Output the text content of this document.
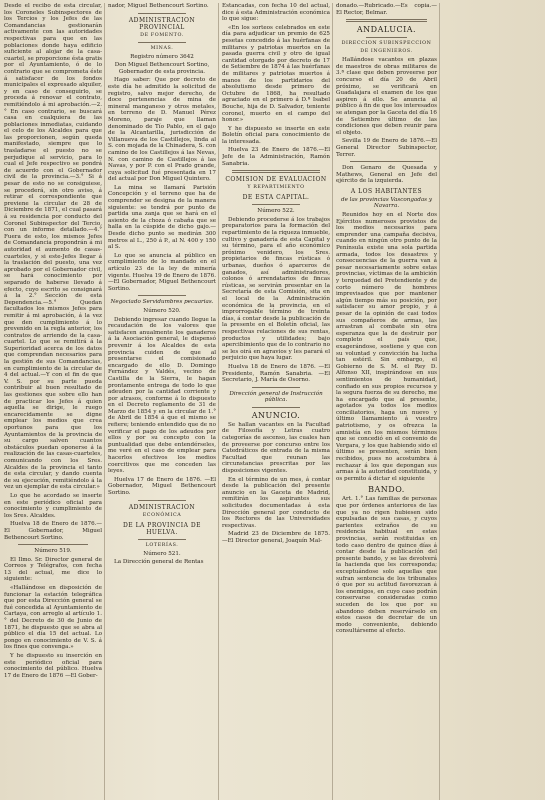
Desde el recibo de esta circular, los Coroneles Subinspectores de los Tercios y los Jefes de las Comandancias gestionarán activamente con las autoridades respectivas para que en las poblaciones donde haya edificio suficiente al alojar de la casa-cuartel, se proporcione ésta gratis por el Ayuntamiento, ó de lo contrario que se comprometa éste á satisfacer de los fondos municipales el expresado alquiler, y en caso de conseguirlo, se proceda á renovar el contrato, remitiéndolo á mi aprobación.—2.° En caso contrario, se buscará casa en cualquiera de las poblaciones inmediatas, cuidando el celo de los Alcaldes para que las proporcionen, según queda manifestado, siempre que lo trasladarse el puesto no se perjudique al servicio, para lo cual el Jefe respectivo se pondrá de acuerdo con el Gobernador civil de la provincia.—3.° Si á pesar de esto no se consiguiese, se procederá, sin otro aviso, á retirar el correspondiente que previene la circular de 28 de Diciembre de 1871, el cual pasará á su residencia por conducto del Coronel Subinspector del Tercio, con un informe detallado.—4.° Fuera de esto, los mismos Jefes de Comandancia propondrán á mi autoridad el aumento de casas-cuarteles, y si este-Jefes llegar á la traslación del puesto, una vez aprobado por el Gobernador civil, se hará conocimiento por separado de haberse llevado á efecto, cuyo escrito se consignará á la 2.° Sección de esta Dependencia.—5.° Quedan facultados los mismos Jefes para remitir á mi aprobación, á la vez que den cumplimiento á lo prevenido en la regla anterior, los contratos de arriendo de la casa-cuartel. Lo que se remitirá á la Superioridad acerca de los datos que comprendan necesarios para la gestión de sus Comandancias, en cumplimiento de la circular de 4 del actual.—Y con el fin de que V. S. por su parte pueda contribuir al buen resultado de las gestiones que sobre ello han de practicar los Jefes á quien aquella se dirige, le ruego encarecidamente se digne emplear los medios que crea oportunos para que los Ayuntamientos de la provincia de su cargo salven cuantos obstáculos puedan oponerse á la realización de las casas-cuarteles, comunicando con los Sres. Alcaldes de la provincia el tanto de esta circular, y dando cuenta de su ejecución, remitiéndolo á la vez un ejemplar de esta circular.»

Lo que he acordado se inserte en este periódico oficial para conocimiento y cumplimiento de los Sres. Alcaldes.

Huelva 18 de Enero de 1876.—El Gobernador, Miguel Bethencourt Sortino.

Número 519.

El Ilmo. Sr. Director general de Correos y Telégrafos, con fecha 13 del actual, me dice lo siguiente:

«Hallándose en disposición de funcionar la estación telegráfica que por esta Dirección general se fué concedida al Ayuntamiento de Cartaya, con arreglo al artículo 1.° del Decreto de 30 de Junio de 1871, he dispuesto que se abra al público el día 15 del actual. Lo pongo en conocimiento de V. S. á los fines que convenga.»

Y he dispuesto su inserción en este periódico oficial para conocimiento del público. Huelva 17 de Enero de 1876 —El Gober-

nador, Miguel Bethencourt Sortino.

ADMINISTRACION PROVINCIAL
DE FOMENTO.
MINAS.

Registro número 3642

Don Miguel Bethencourt Sortino, Gobernador de esta provincia.

Hago saber: Que por decreto de este día he admitido la solicitud de registro, salvo mejor derecho, de doce pertenencias de mina de mineral manganeso y otros metales, en terreno de D. Manuel Pérez Moreno, paraje que llaman denominado de Tío Pablo, en el gajo de la Alcantarilla, jurisdicción de Villanueva de los Castillejos, linda al S. con mojada de la Chinadera, S. con camino de los Castillejos á las Nevas, N. con camino de Castillejos á las Navas, y por P. con el Prado grande, cuya solicitud fué presentada en 17 del actual por Don Miguel Quintero.

La mina se llamará Parisión Concepción y el terreno que ha de comprender se designa de la manera siguiente: se tendrá por punto de partida una zanja que se hará en el asiento de la choza ó cabaña que se halla en la cúspide de dicho gajo.—Desde dicho punto se medirán 300 metros al L., 250 á P., al N. 400 y 150 al S.

Lo que se anuncia al público en cumplimiento de lo mandado en el artículo 23 de la ley de minería vigente. Huelva 19 de Enero de 1876.—El Gobernador, Miguel Bethencourt Sortino.

Negociado Servidumbres pecuarias.

Número 520.

Debiendo ingresar cuando llegue la recaudación de los valores que satisfacen anualmente los ganaderos á la Asociación general, le dispensó prevenir á los Alcaldes de esta provincia cuiden de que al presentarse el comisionado encargado de ello D. Domingo Fernández y Valdés, vecino de Castilla de la Sierra, le hagan prontamente entrega de todo lo que adeuden por la cantidad corriente y por atrasos, conforme á lo dispuesto en el Decreto reglamento de 31 de Marzo de 1854 y en la circular de 1.° de Abril de 1854 á que el mismo se refiere; teniendo entendido que de no verificar el pago de los adeudos por ellos y por su concepto con la puntualidad que debe entendérseles, me veré en el caso de emplear para hacerlos efectivos los medios coercitivos que me conceden las leyes.

Huelva 17 de Enero de 1876. —El Gobernador, Miguel Bethencourt Sortino.

ADMINISTRACION
ECONÓMICA
DE LA PROVINCIA DE HUELVA.
LOTERÍAS.

Número 521.

La Dirección general de Rentas

Estancadas, con fecha 10 del actual, dice á esta Administración económica lo que sigue:

«En los sorteos celebrados en este día para adjudicar un premio de 625 pesetas concedido á las huérfanas de militares y patriotas muertos en la pasada guerra civil y otro de igual cantidad otorgado por decreto de 17 de Setiembre de 1874 á las huérfanas de militares y patriotas muertos á manos de los partidarios del absolutismo desde primero de Octubre de 1868, ha resultado agraciado en el primero á D.ª Isabel Bouche, hija de D. Salvador, teniente coronel, muerto en el campo del honor.»

Y he dispuesto se inserte en este Boletín oficial para conocimiento de la interesada.

Huelva 23 de Enero de 1876.—El Jefe de la Administración, Ramón Sanabria.

COMISION DE EVALUACION
Y REPARTIMIENTO
DE ESTA CAPITAL.

Número 522.

Debiendo procederse á los trabajos preparatorios para la formación del repartimiento de la riqueza inmueble, cultivo y ganadería de esta Capital y su término, para el año económico próximo venidero, los Sres. propietarios de fincas rústicas ó urbanas, dueños ó aparceros de ganados, así administradores, colonos ó arrendatarios de fincas rústicas, se servirán presentar en la Secretaría de esta Comisión, sita en el local de la Administración económica de la provincia, en el improrrogable término de treinta días, á contar desde la publicación de la presente en el Boletín oficial, las respectivas relaciones de sus rentas, productos y utilidades; bajo apercibimiento que de lo contrario no se les oirá en agravios y les parará el perjuicio que haya lugar.

Huelva 18 de Enero de 1876. —El Presidente, Ramón Sanabria. —El Secretario, J. María de Osorno.

Dirección general de Instrucción pública.
ANUNCIO.

Se hallan vacantes en la Facultad de Filosofía y Letras cuatro categorías de ascenso, las cuales han de proveerse por concurso entre los Catedráticos de entrada de la misma Facultad que reunan las circunstancias prescritas por las disposiciones vigentes.

En el término de un mes, á contar desde la publicación del presente anuncio en la Gaceta de Madrid, remitirán los aspirantes sus solicitudes documentadas á esta Dirección general por conducto de los Rectores de las Universidades respectivas.

Madrid 23 de Diciembre de 1875. —El Director general, Joaquín Mal-

donado.—Rubricado.—Es copia.—El Rector, Belmar.

ANDALUCIA.
DIRECCION SUBINSPECCION
DE INGENIEROS.

Hallándose vacantes en plazas de maestros de obras militares de 3.ª clase que deben proveerse por concurso el día 20 de Abril próximo, se verificará en Guadalajara el examen de los que aspiren á ello. Se anuncia al público á fin de que los interesados se atengan por la Gaceta del día 16 de Setiembre último de las condiciones que deben reunir para el objeto.

Sevilla 19 de Enero de 1876.—El General Director Subinspector, Terrer.

Don Genaro de Quesada y Mathews, General en Jefe del ejército de la izquierda.

A LOS HABITANTES
de las provincias Vascongadas y Navarra.

Reunidos hoy en el Norte dos Ejércitos numerosos provistos de los medios necesarios para emprender una campaña decisiva, cuando en ningún otro punto de la Península existe una sola partida armada, todos los desastres y consecuencias de la guerra van á pesar necesariamente sobre estas provincias, víctimas de la ambición y terquedad del Pretendiente y de corto número de hombres imprevisados que por mantener algún tiempo más su posición, por satisfacer su amor propio, y á pesar de la opinión de casi todos sus compañeros de armas, las arrastran al combate sin otra esperanza que la de destruir por completo el país que, exagerándose, sostiene y que con su voluntad y convicción ha lucha tan estéril. Sin embargo, el Gobierno de S. M. el Rey D. Alfonso XII, inspirándose en sus sentimientos de humanidad, confiado en sus propios recursos y la segura fuerza de su derecho, me ha encargado que al presente, agotados ya todos los medios conciliatorios, haga un nuevo y último llamamiento á vuestro patriotismo, y os ofrezca la amnistía en los mismos términos que se concedió en el convenio de Vergara, y los que habiendo sido el último se presenten, serán bien recibidos, pues no acostumbra á rechazar á los que depongan sus armas á la autoridad constituida, y os permito á dictar el siguiente

BANDO.

Art. 1.° Las familias de personas que por órdenes anteriores de las que ya no rigen hubiesen sido expulsadas de sus casas, y cuyos parientes extraños de su residencia habitual en estas provincias, serán restituidas en todo caso dentro de quince días á contar desde la publicación del presente bando, y se las devolverá la hacienda que les corresponda; exceptuándose solo aquellas que sufran sentencia de los tribunales ó que por su actitud favorezcan á los enemigos, en cuyo caso podrán conservarse consideradas como suceden de los que por su abandono deben reservárselo en estos casos de decretar de un modo conveniente, debiendo consultárseme al efecto.
